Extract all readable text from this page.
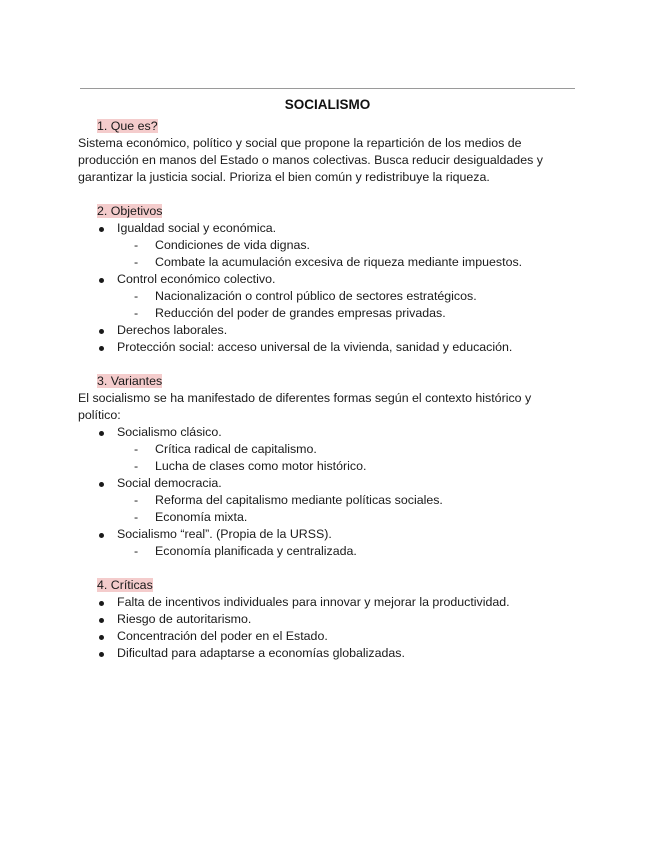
SOCIALISMO
1. Que es?
Sistema económico, político y social que propone la repartición de los medios de
producción en manos del Estado o manos colectivas. Busca reducir desigualdades y
garantizar la justicia social. Prioriza el bien común y redistribuye la riqueza.
2. Objetivos
Igualdad social y económica.
- Condiciones de vida dignas.
- Combate la acumulación excesiva de riqueza mediante impuestos.
Control económico colectivo.
- Nacionalización o control público de sectores estratégicos.
- Reducción del poder de grandes empresas privadas.
Derechos laborales.
Protección social: acceso universal de la vivienda, sanidad y educación.
3. Variantes
El socialismo se ha manifestado de diferentes formas según el contexto histórico y
político:
Socialismo clásico.
- Crítica radical de capitalismo.
- Lucha de clases como motor histórico.
Social democracia.
- Reforma del capitalismo mediante políticas sociales.
- Economía mixta.
Socialismo “real”. (Propia de la URSS).
- Economía planificada y centralizada.
4. Críticas
Falta de incentivos individuales para innovar y mejorar la productividad.
Riesgo de autoritarismo.
Concentración del poder en el Estado.
Dificultad para adaptarse a economías globalizadas.
